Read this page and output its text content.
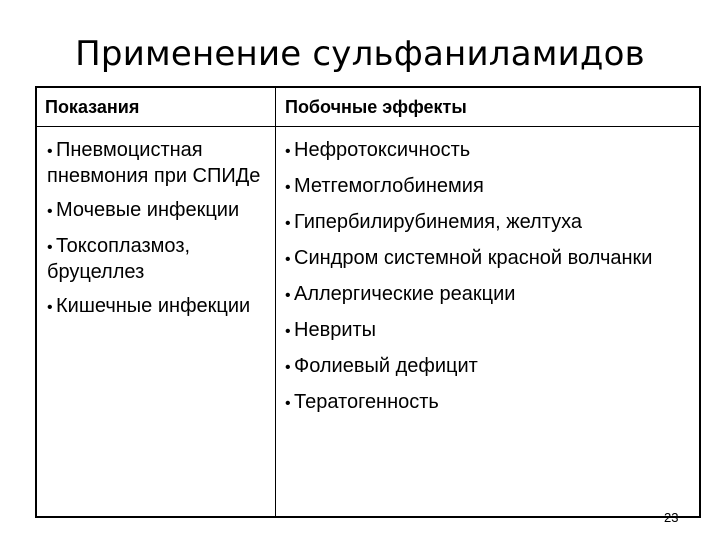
Применение сульфаниламидов
Показания	Побочные эффекты
• Пневмоцистная пневмония при СПИДе
• Мочевые инфекции
• Токсоплазмоз, бруцеллез
• Кишечные инфекции
• Нефротоксичность
• Метгемоглобинемия
• Гипербилирубинемия, желтуха
• Синдром системной красной волчанки
• Аллергические реакции
• Невриты
• Фолиевый дефицит
• Тератогенность
23
